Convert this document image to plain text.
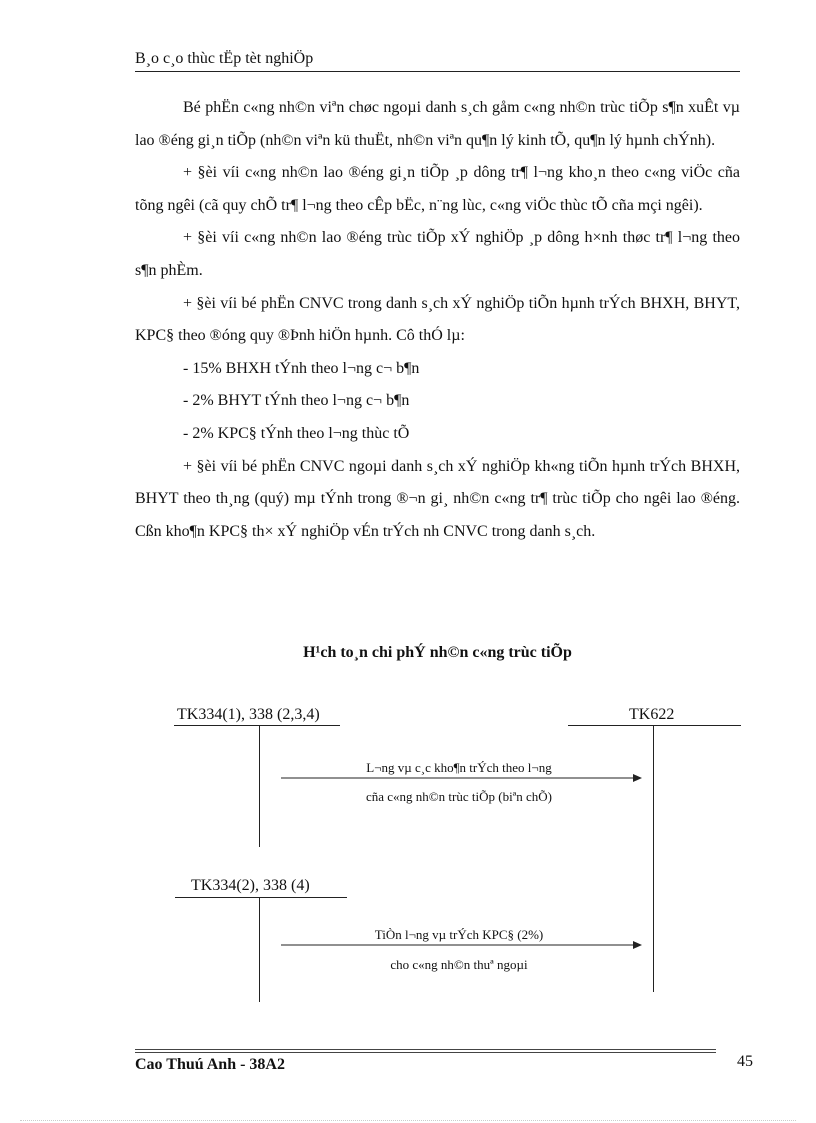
B¸o c¸o thùc tËp tèt nghiÖp

Bé phËn c«ng nh©n viªn chøc ngoµi danh s¸ch gåm c«ng nh©n trùc tiÕp s¶n xuÊt vµ lao ®éng gi¸n tiÕp (nh©n viªn kü thuËt, nh©n viªn qu¶n lý kinh tÕ, qu¶n lý hµnh chÝnh).

+ §èi víi c«ng nh©n lao ®éng gi¸n tiÕp ¸p dông tr¶ l¬ng kho¸n theo c«ng viÖc cña tõng ngêi (cã quy chÕ tr¶ l¬ng theo cÊp bËc, n¨ng lùc, c«ng viÖc thùc tÕ cña mçi ngêi).

+ §èi víi c«ng nh©n lao ®éng trùc tiÕp xÝ nghiÖp ¸p dông h×nh thøc tr¶ l¬ng theo s¶n phÈm.

+ §èi víi bé phËn CNVC trong danh s¸ch xÝ nghiÖp tiÕn hµnh trÝch BHXH, BHYT, KPC§ theo ®óng quy ®Þnh hiÖn hµnh. Cô thÓ lµ:

- 15% BHXH tÝnh theo l¬ng c¬ b¶n

- 2% BHYT tÝnh theo l¬ng c¬ b¶n

- 2% KPC§ tÝnh theo l¬ng thùc tÕ

+ §èi víi bé phËn CNVC ngoµi danh s¸ch xÝ nghiÖp kh«ng tiÕn hµnh trÝch BHXH, BHYT theo th¸ng (quý) mµ tÝnh trong ®¬n gi¸ nh©n c«ng tr¶ trùc tiÕp cho ngêi lao ®éng. Cßn kho¶n KPC§ th× xÝ nghiÖp vÉn trÝch nh CNVC trong danh s¸ch.

H¹ch to¸n chi phÝ nh©n c«ng trùc tiÕp
TK334(1), 338 (2,3,4)	TK622
L¬ng vµ c¸c kho¶n trÝch theo l¬ng
cña c«ng nh©n trùc tiÕp (biªn chÕ)
TK334(2), 338 (4)
TiÒn l¬ng vµ trÝch KPC§ (2%)
cho c«ng nh©n thuª ngoµi
Cao Thuú Anh - 38A2	45
